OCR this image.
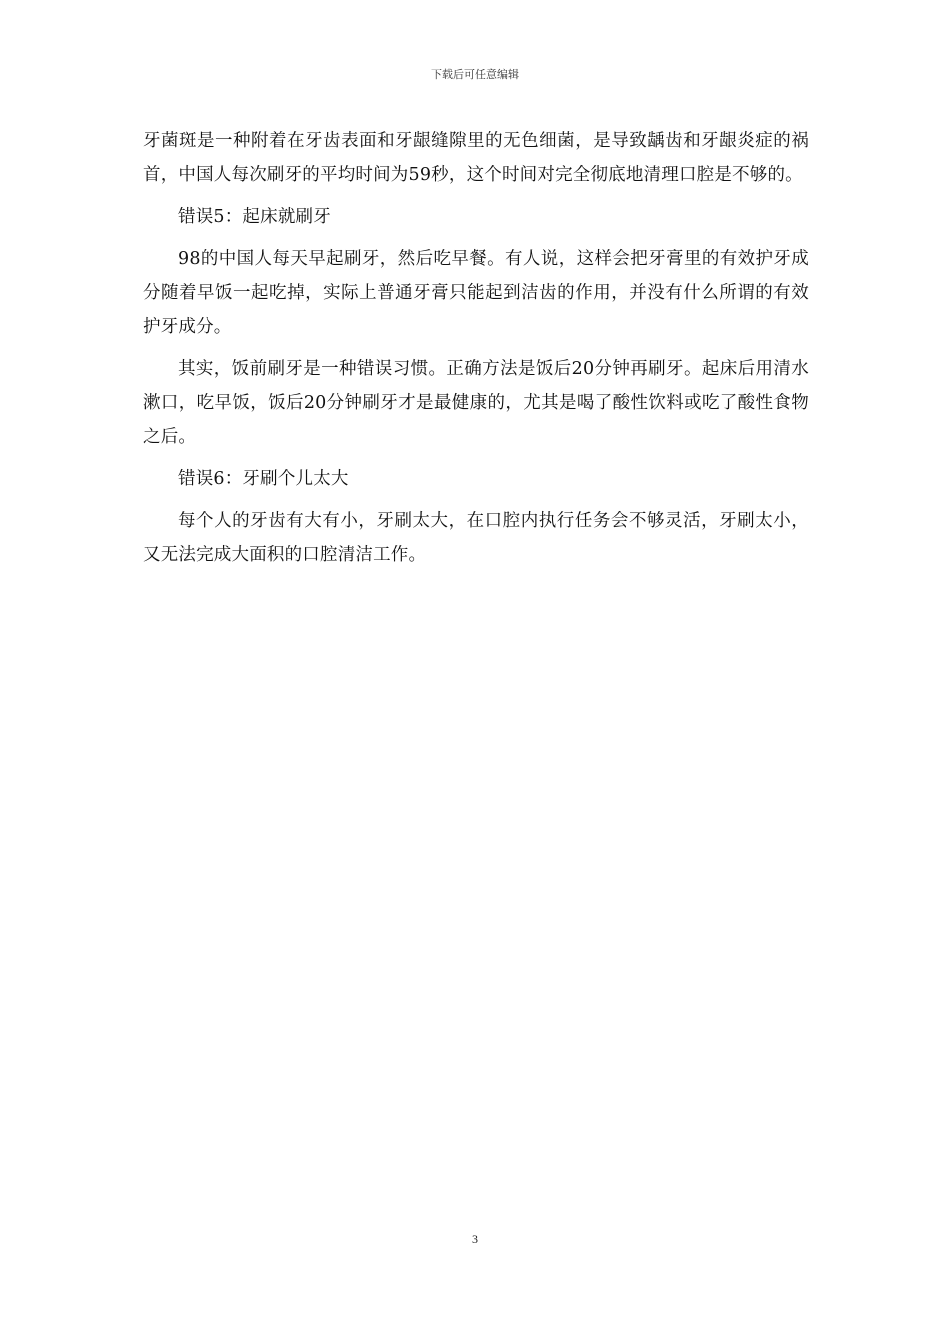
下载后可任意编辑

牙菌斑是一种附着在牙齿表面和牙龈缝隙里的无色细菌，是导致龋齿和牙龈炎症的祸首，中国人每次刷牙的平均时间为59秒，这个时间对完全彻底地清理口腔是不够的。

错误5：起床就刷牙

98的中国人每天早起刷牙，然后吃早餐。有人说，这样会把牙膏里的有效护牙成分随着早饭一起吃掉，实际上普通牙膏只能起到洁齿的作用，并没有什么所谓的有效护牙成分。

其实，饭前刷牙是一种错误习惯。正确方法是饭后20分钟再刷牙。起床后用清水漱口，吃早饭，饭后20分钟刷牙才是最健康的，尤其是喝了酸性饮料或吃了酸性食物之后。

错误6：牙刷个儿太大

每个人的牙齿有大有小，牙刷太大，在口腔内执行任务会不够灵活，牙刷太小，又无法完成大面积的口腔清洁工作。

3
